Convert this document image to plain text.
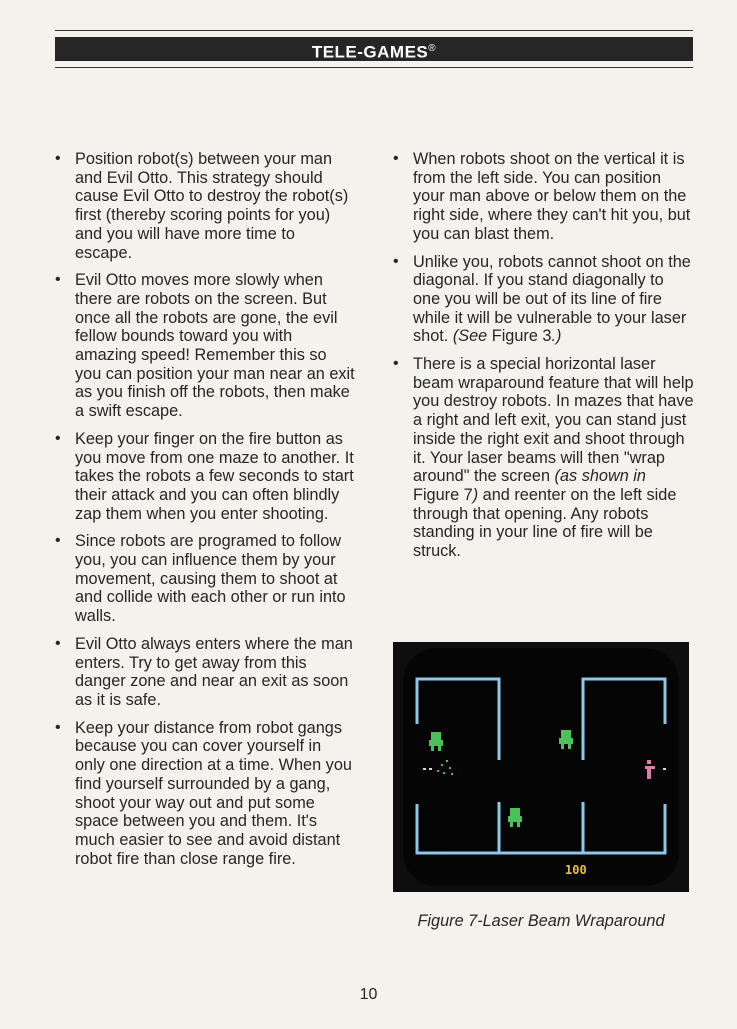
TELE-GAMES®
• Position robot(s) between your man and Evil Otto. This strategy should cause Evil Otto to destroy the robot(s) first (thereby scoring points for you) and you will have more time to escape.
• Evil Otto moves more slowly when there are robots on the screen. But once all the robots are gone, the evil fellow bounds toward you with amazing speed! Remember this so you can position your man near an exit as you finish off the robots, then make a swift escape.
• Keep your finger on the fire button as you move from one maze to another. It takes the robots a few seconds to start their attack and you can often blindly zap them when you enter shooting.
• Since robots are programed to follow you, you can influence them by your movement, causing them to shoot at and collide with each other or run into walls.
• Evil Otto always enters where the man enters. Try to get away from this danger zone and near an exit as soon as it is safe.
• Keep your distance from robot gangs because you can cover yourself in only one direction at a time. When you find yourself surrounded by a gang, shoot your way out and put some space between you and them. It's much easier to see and avoid distant robot fire than close range fire.
• When robots shoot on the vertical it is from the left side. You can position your man above or below them on the right side, where they can't hit you, but you can blast them.
• Unlike you, robots cannot shoot on the diagonal. If you stand diagonally to one you will be out of its line of fire while it will be vulnerable to your laser shot. (See Figure 3.)
• There is a special horizontal laser beam wraparound feature that will help you destroy robots. In mazes that have a right and left exit, you can stand just inside the right exit and shoot through it. Your laser beams will then "wrap around" the screen (as shown in Figure 7) and reenter on the left side through that opening. Any robots standing in your line of fire will be struck.
100
Figure 7-Laser Beam Wraparound
10
